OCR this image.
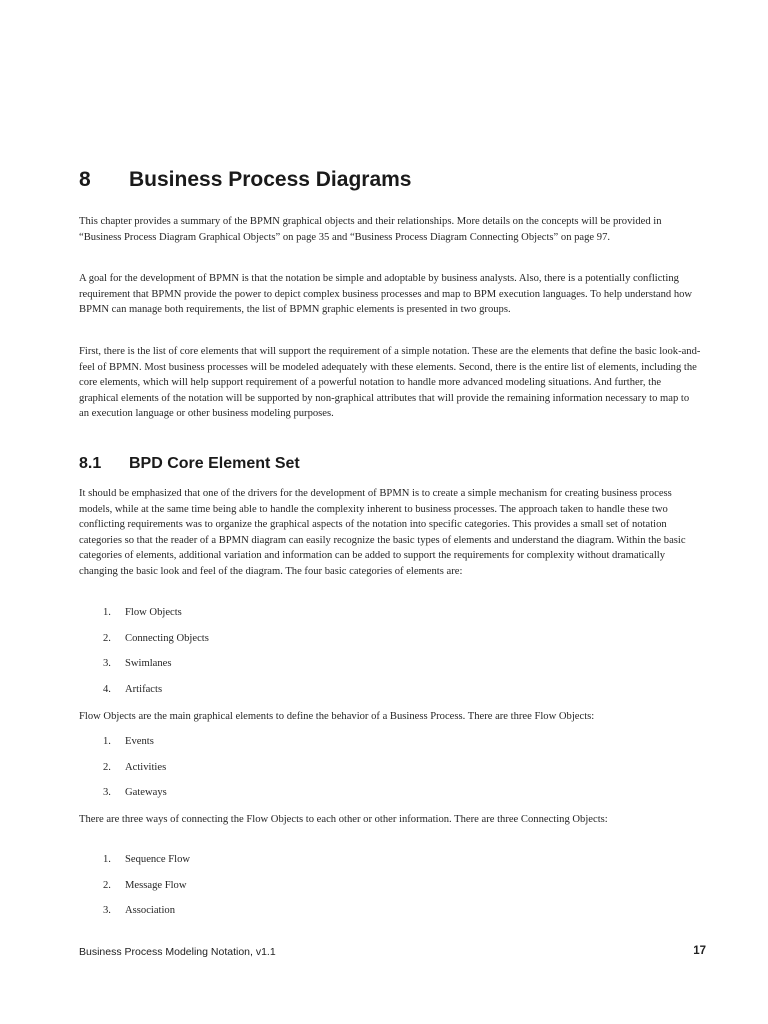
8 Business Process Diagrams

This chapter provides a summary of the BPMN graphical objects and their relationships. More details on the concepts will be provided in “Business Process Diagram Graphical Objects” on page 35 and “Business Process Diagram Connecting Objects” on page 97.

A goal for the development of BPMN is that the notation be simple and adoptable by business analysts. Also, there is a potentially conflicting requirement that BPMN provide the power to depict complex business processes and map to BPM execution languages. To help understand how BPMN can manage both requirements, the list of BPMN graphic elements is presented in two groups.

First, there is the list of core elements that will support the requirement of a simple notation. These are the elements that define the basic look-and-feel of BPMN. Most business processes will be modeled adequately with these elements. Second, there is the entire list of elements, including the core elements, which will help support requirement of a powerful notation to handle more advanced modeling situations. And further, the graphical elements of the notation will be supported by non-graphical attributes that will provide the remaining information necessary to map to an execution language or other business modeling purposes.

8.1 BPD Core Element Set

It should be emphasized that one of the drivers for the development of BPMN is to create a simple mechanism for creating business process models, while at the same time being able to handle the complexity inherent to business processes. The approach taken to handle these two conflicting requirements was to organize the graphical aspects of the notation into specific categories. This provides a small set of notation categories so that the reader of a BPMN diagram can easily recognize the basic types of elements and understand the diagram. Within the basic categories of elements, additional variation and information can be added to support the requirements for complexity without dramatically changing the basic look and feel of the diagram. The four basic categories of elements are:

1. Flow Objects
2. Connecting Objects
3. Swimlanes
4. Artifacts

Flow Objects are the main graphical elements to define the behavior of a Business Process. There are three Flow Objects:

1. Events
2. Activities
3. Gateways

There are three ways of connecting the Flow Objects to each other or other information. There are three Connecting Objects:

1. Sequence Flow
2. Message Flow
3. Association
Business Process Modeling Notation, v1.1	17
